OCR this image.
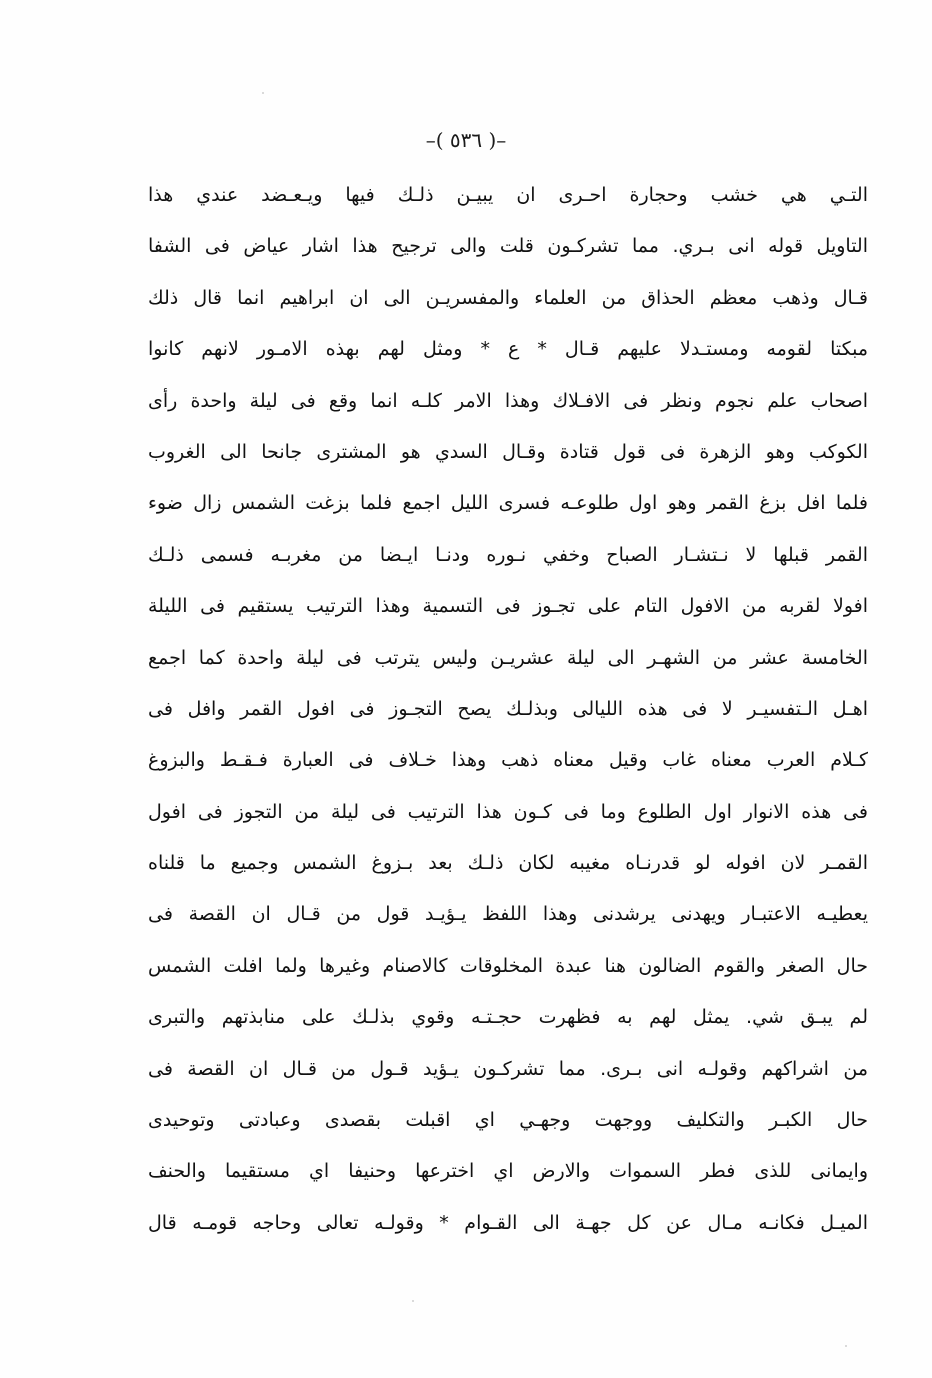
–( ٥٣٦ )–
التـي هي خشب وحجارة احـرى ان يبيـن ذلـك فيها ويـعـضد عندي هذا
التاويل قوله انى بـري. مما تشركـون قلت والى ترجيح هذا اشار عياض فى الشفا
قـال وذهب معظم الحذاق من العلماء والمفسريـن الى ان ابراهيم انما قال ذلك
مبكتا لقومه ومستـدلا عليهم قـال * ع * ومثل لهم بهذه الامـور لانهم كانوا
اصحاب علم نجوم ونظر فى الافـلاك وهذا الامر كلـه انما وقع فى ليلة واحدة رأى
الكوكب وهو الزهرة فى قول قتادة وقـال السدي هو المشترى جانحا الى الغروب
فلما افل بزغ القمر وهو اول طلوعـه فسرى الليل اجمع فلما بزغت الشمس زال ضوء
القمر قبلها لا نـتشـار الصباح وخفي نـوره ودنـا ايـضا من مغربـه فسمى ذلـك
افولا لقربه من الافول التام على تجـوز فى التسمية وهذا الترتيب يستقيم فى الليلة
الخامسة عشر من الشهـر الى ليلة عشريـن وليس يترتب فى ليلة واحدة كما اجمع
اهـل الـتفسيـر لا فى هذه الليالى وبذلـك يصح التجـوز فى افول القمر وافل فى
كـلام العرب معناه غاب وقيل معناه ذهب وهذا خـلاف فى العبارة فـقـط والبزوغ
فى هذه الانوار اول الطلوع وما فى كـون هذا الترتيب فى ليلة من التجوز فى افول
القمـر لان افوله لو قدرنـاه مغيبه لكان ذلـك بعد بـزوغ الشمس وجميع ما قلناه
يعطيـه الاعتبـار ويهدنى يرشدنى وهذا اللفظ يـؤيـد قول من قـال ان القصة فى
حال الصغر والقوم الضالون هنا عبدة المخلوقات كالاصنام وغيرها ولما افلت الشمس
لم يبـق شي. يمثل لهم به فظهرت حجـتـه وقوي بذلـك على منابذتهم والتبرى
من اشراكهم وقولـه انى بـرى. مما تشركـون يـؤيد قـول من قـال ان القصة فى
حال الكبـر والتكليف ووجهت وجهـي اي اقبلت بقصدى وعبادتى وتوحيدى
وايمانى للذى فطر السموات والارض اي اخترعها وحنيفا اي مستقيما والحنف
الميـل فكانـه مـال عن كل جهـة الى القـوام * وقولـه تعالى وحاجه قومـه قال
